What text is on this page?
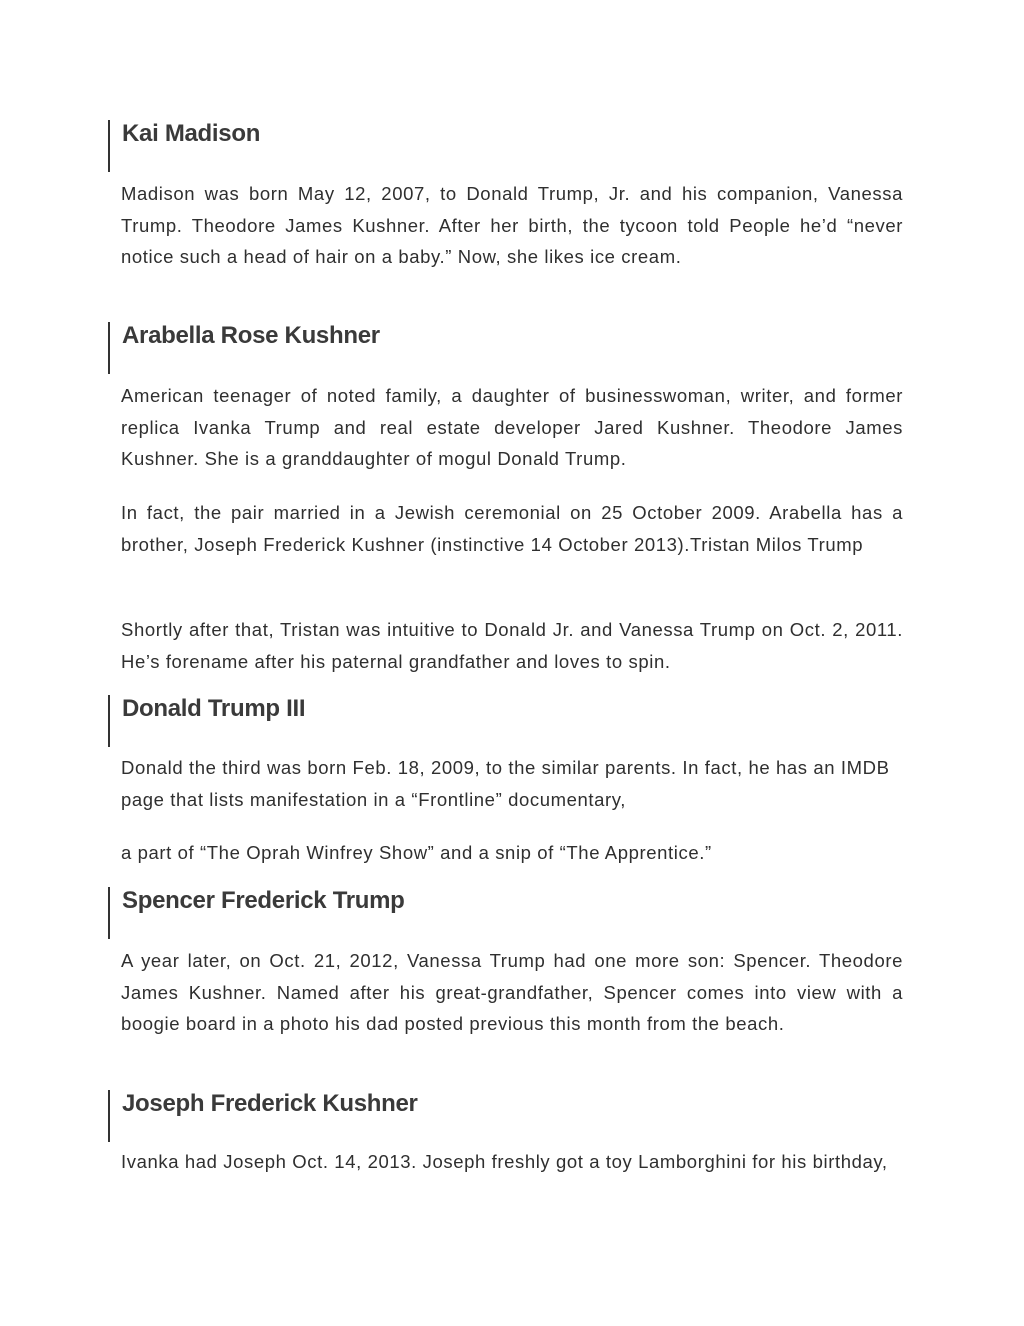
Kai Madison

Madison was born May 12, 2007, to Donald Trump, Jr. and his companion, Vanessa Trump. Theodore James Kushner. After her birth, the tycoon told People he’d “never notice such a head of hair on a baby.” Now, she likes ice cream.

Arabella Rose Kushner

American teenager of noted family, a daughter of businesswoman, writer, and former replica Ivanka Trump and real estate developer Jared Kushner. Theodore James Kushner. She is a granddaughter of mogul Donald Trump.

In fact, the pair married in a Jewish ceremonial on 25 October 2009. Arabella has a brother, Joseph Frederick Kushner (instinctive 14 October 2013).Tristan Milos Trump

Shortly after that, Tristan was intuitive to Donald Jr. and Vanessa Trump on Oct. 2, 2011. He’s forename after his paternal grandfather and loves to spin.

Donald Trump III

Donald the third was born Feb. 18, 2009, to the similar parents. In fact, he has an IMDB page that lists manifestation in a “Frontline” documentary,

a part of “The Oprah Winfrey Show” and a snip of “The Apprentice.”

Spencer Frederick Trump

A year later, on Oct. 21, 2012, Vanessa Trump had one more son: Spencer. Theodore James Kushner. Named after his great-grandfather, Spencer comes into view with a boogie board in a photo his dad posted previous this month from the beach.

Joseph Frederick Kushner

Ivanka had Joseph Oct. 14, 2013. Joseph freshly got a toy Lamborghini for his birthday,
